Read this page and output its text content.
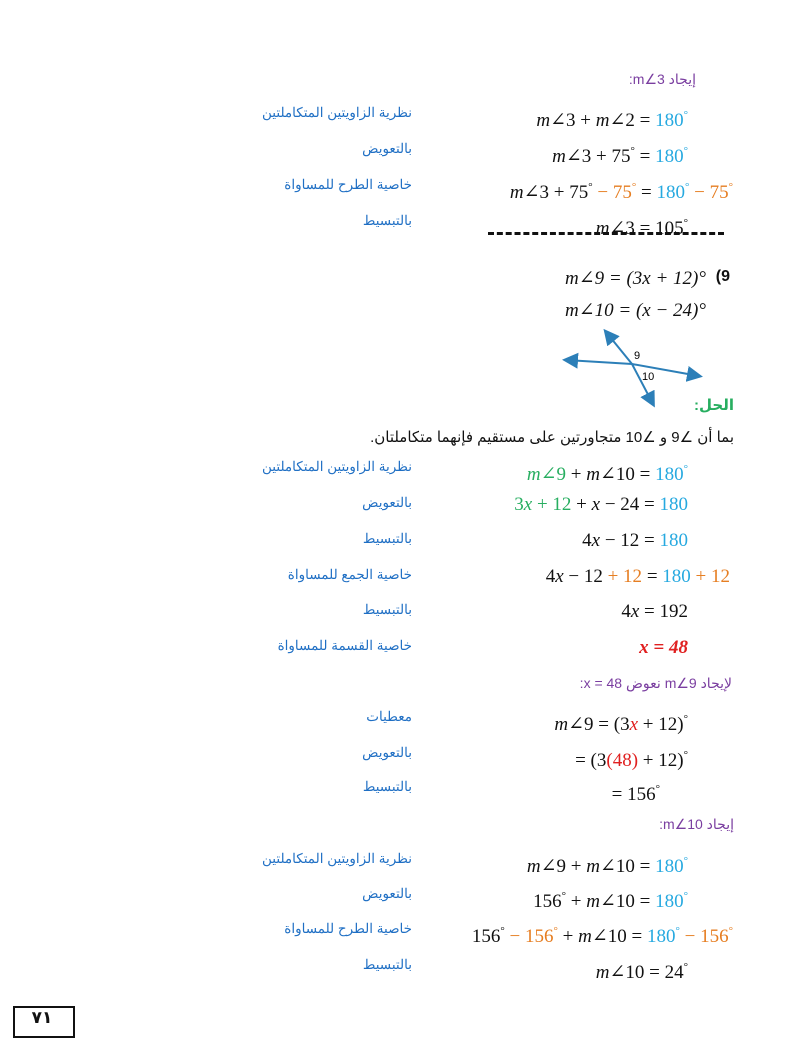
إيجاد m∠3:
m∠3 + m∠2 = 180°
نظرية الزاويتين المتكاملتين
m∠3 + 75° = 180°
بالتعويض
m∠3 + 75° − 75° = 180° − 75°
خاصية الطرح للمساواة
m∠3 = 105°
بالتبسيط
(9
m∠9 = (3x + 12)°
m∠10 = (x − 24)°
9
10
الحل:
بما أن ∠9 و ∠10 متجاورتين على مستقيم فإنهما متكاملتان.
m∠9 + m∠10 = 180°
نظرية الزاويتين المتكاملتين
3x + 12 + x − 24 = 180
بالتعويض
4x − 12 = 180
بالتبسيط
4x − 12 + 12 = 180 + 12
خاصية الجمع للمساواة
4x = 192
بالتبسيط
x = 48
خاصية القسمة للمساواة
لإيجاد m∠9 نعوض x = 48:
m∠9 = (3x + 12)°
معطيات
= (3(48) + 12)°
بالتعويض
= 156°
بالتبسيط
إيجاد m∠10:
m∠9 + m∠10 = 180°
نظرية الزاويتين المتكاملتين
156° + m∠10 = 180°
بالتعويض
156° − 156° + m∠10 = 180° − 156°
خاصية الطرح للمساواة
m∠10 = 24°
بالتبسيط
٧١
